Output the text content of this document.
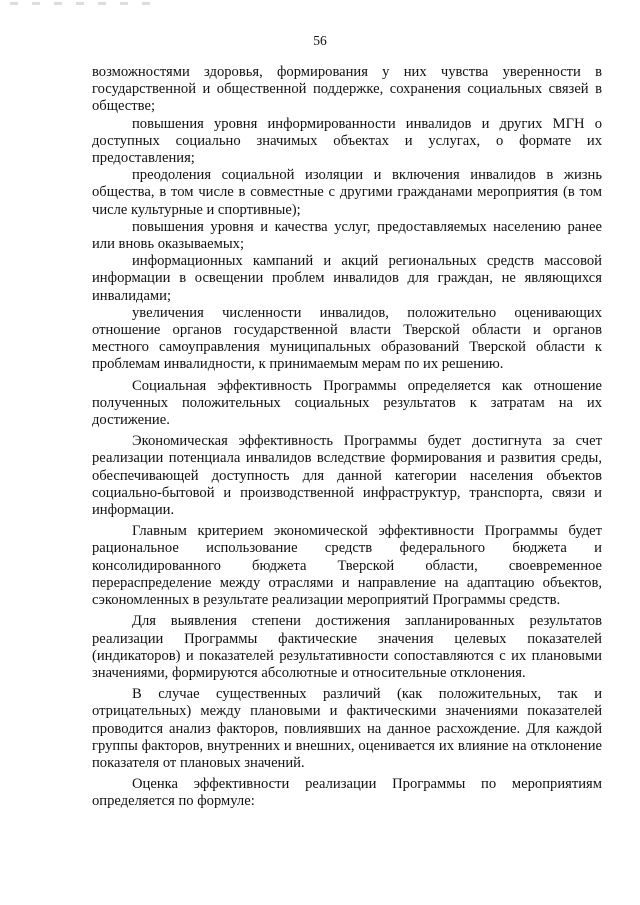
56

возможностями здоровья, формирования у них чувства уверенности в государственной и общественной поддержке, сохранения социальных связей в обществе;

повышения уровня информированности инвалидов и других МГН о доступных социально значимых объектах и услугах, о формате их предоставления;

преодоления социальной изоляции и включения инвалидов в жизнь общества, в том числе в совместные с другими гражданами мероприятия (в том числе культурные и спортивные);

повышения уровня и качества услуг, предоставляемых населению ранее или вновь оказываемых;

информационных кампаний и акций региональных средств массовой информации в освещении проблем инвалидов для граждан, не являющихся инвалидами;

увеличения численности инвалидов, положительно оценивающих отношение органов государственной власти Тверской области и органов местного самоуправления муниципальных образований Тверской области к проблемам инвалидности, к принимаемым мерам по их решению.

Социальная эффективность Программы определяется как отношение полученных положительных социальных результатов к затратам на их достижение.

Экономическая эффективность Программы будет достигнута за счет реализации потенциала инвалидов вследствие формирования и развития среды, обеспечивающей доступность для данной категории населения объектов социально-бытовой и производственной инфраструктур, транспорта, связи и информации.

Главным критерием экономической эффективности Программы будет рациональное использование средств федерального бюджета и консолидированного бюджета Тверской области, своевременное перераспределение между отраслями и направление на адаптацию объектов, сэкономленных в результате реализации мероприятий Программы средств.

Для выявления степени достижения запланированных результатов реализации Программы фактические значения целевых показателей (индикаторов) и показателей результативности сопоставляются с их плановыми значениями, формируются абсолютные и относительные отклонения.

В случае существенных различий (как положительных, так и отрицательных) между плановыми и фактическими значениями показателей проводится анализ факторов, повлиявших на данное расхождение. Для каждой группы факторов, внутренних и внешних, оценивается их влияние на отклонение показателя от плановых значений.

Оценка эффективности реализации Программы по мероприятиям определяется по формуле:
